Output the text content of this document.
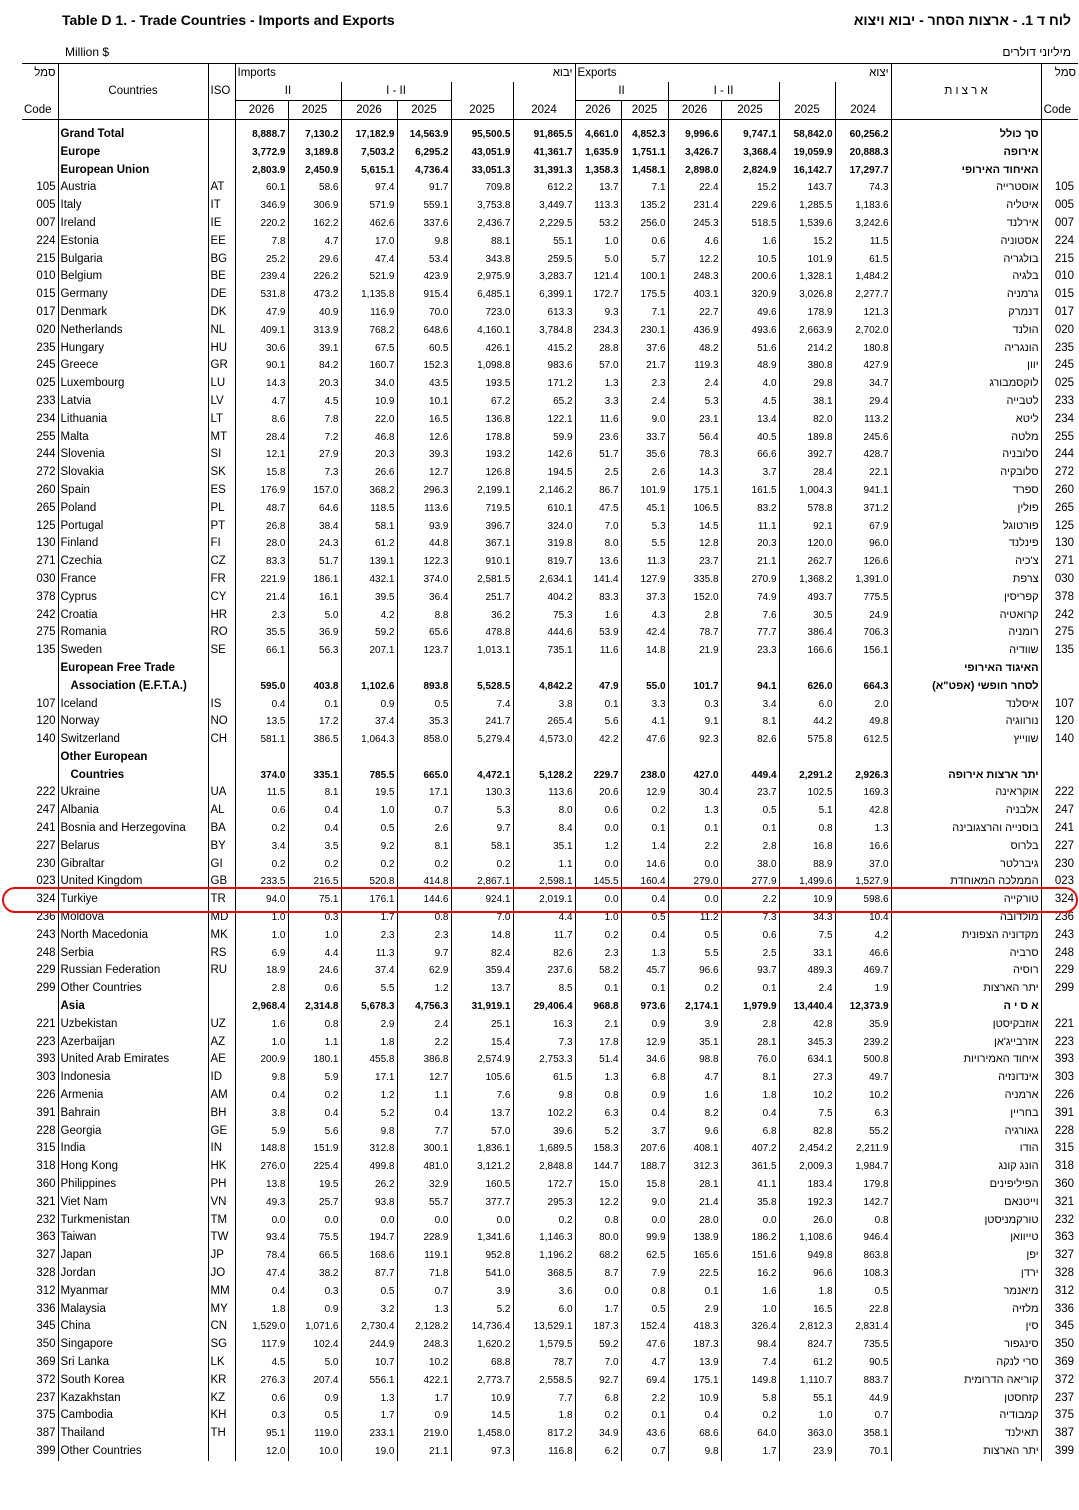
Table D 1. - Trade Countries - Imports and Exports	לוח ד 1. - ארצות הסחר - יבוא ויצוא
Million $	מיליוני דולרים
סמל			Imports		יבוא				Exports		יצוא					סמל
	Countries	ISO	II		I - II				II		I - II				א ר צ ו ת	
Code			2026	2025	2026	2025	2025	2024	2026	2025	2026	2025	2025	2024		Code

	Grand Total		8,888.7	7,130.2	17,182.9	14,563.9	95,500.5	91,865.5	4,661.0	4,852.3	9,996.6	9,747.1	58,842.0	60,256.2	סך כולל	
	Europe		3,772.9	3,189.8	7,503.2	6,295.2	43,051.9	41,361.7	1,635.9	1,751.1	3,426.7	3,368.4	19,059.9	20,888.3	אירופה	
	European Union		2,803.9	2,450.9	5,615.1	4,736.4	33,051.3	31,391.3	1,358.3	1,458.1	2,898.0	2,824.9	16,142.7	17,297.7	האיחוד האירופי	
105	Austria	AT	60.1	58.6	97.4	91.7	709.8	612.2	13.7	7.1	22.4	15.2	143.7	74.3	אוסטרייה	105
005	Italy	IT	346.9	306.9	571.9	559.1	3,753.8	3,449.7	113.3	135.2	231.4	229.6	1,285.5	1,183.6	איטליה	005
007	Ireland	IE	220.2	162.2	462.6	337.6	2,436.7	2,229.5	53.2	256.0	245.3	518.5	1,539.6	3,242.6	אירלנד	007
224	Estonia	EE	7.8	4.7	17.0	9.8	88.1	55.1	1.0	0.6	4.6	1.6	15.2	11.5	אסטוניה	224
215	Bulgaria	BG	25.2	29.6	47.4	53.4	343.8	259.5	5.0	5.7	12.2	10.5	101.9	61.5	בולגריה	215
010	Belgium	BE	239.4	226.2	521.9	423.9	2,975.9	3,283.7	121.4	100.1	248.3	200.6	1,328.1	1,484.2	בלגיה	010
015	Germany	DE	531.8	473.2	1,135.8	915.4	6,485.1	6,399.1	172.7	175.5	403.1	320.9	3,026.8	2,277.7	גרמניה	015
017	Denmark	DK	47.9	40.9	116.9	70.0	723.0	613.3	9.3	7.1	22.7	49.6	178.9	121.3	דנמרק	017
020	Netherlands	NL	409.1	313.9	768.2	648.6	4,160.1	3,784.8	234.3	230.1	436.9	493.6	2,663.9	2,702.0	הולנד	020
235	Hungary	HU	30.6	39.1	67.5	60.5	426.1	415.2	28.8	37.6	48.2	51.6	214.2	180.8	הונגריה	235
245	Greece	GR	90.1	84.2	160.7	152.3	1,098.8	983.6	57.0	21.7	119.3	48.9	380.8	427.9	יוון	245
025	Luxembourg	LU	14.3	20.3	34.0	43.5	193.5	171.2	1.3	2.3	2.4	4.0	29.8	34.7	לוקסמבורג	025
233	Latvia	LV	4.7	4.5	10.9	10.1	67.2	65.2	3.3	2.4	5.3	4.5	38.1	29.4	לטבייה	233
234	Lithuania	LT	8.6	7.8	22.0	16.5	136.8	122.1	11.6	9.0	23.1	13.4	82.0	113.2	ליטא	234
255	Malta	MT	28.4	7.2	46.8	12.6	178.8	59.9	23.6	33.7	56.4	40.5	189.8	245.6	מלטה	255
244	Slovenia	SI	12.1	27.9	20.3	39.3	193.2	142.6	51.7	35.6	78.3	66.6	392.7	428.7	סלובניה	244
272	Slovakia	SK	15.8	7.3	26.6	12.7	126.8	194.5	2.5	2.6	14.3	3.7	28.4	22.1	סלובקיה	272
260	Spain	ES	176.9	157.0	368.2	296.3	2,199.1	2,146.2	86.7	101.9	175.1	161.5	1,004.3	941.1	ספרד	260
265	Poland	PL	48.7	64.6	118.5	113.6	719.5	610.1	47.5	45.1	106.5	83.2	578.8	371.2	פולין	265
125	Portugal	PT	26.8	38.4	58.1	93.9	396.7	324.0	7.0	5.3	14.5	11.1	92.1	67.9	פורטוגל	125
130	Finland	FI	28.0	24.3	61.2	44.8	367.1	319.8	8.0	5.5	12.8	20.3	120.0	96.0	פינלנד	130
271	Czechia	CZ	83.3	51.7	139.1	122.3	910.1	819.7	13.6	11.3	23.7	21.1	262.7	126.6	צ'כיה	271
030	France	FR	221.9	186.1	432.1	374.0	2,581.5	2,634.1	141.4	127.9	335.8	270.9	1,368.2	1,391.0	צרפת	030
378	Cyprus	CY	21.4	16.1	39.5	36.4	251.7	404.2	83.3	37.3	152.0	74.9	493.7	775.5	קפריסין	378
242	Croatia	HR	2.3	5.0	4.2	8.8	36.2	75.3	1.6	4.3	2.8	7.6	30.5	24.9	קרואטיה	242
275	Romania	RO	35.5	36.9	59.2	65.6	478.8	444.6	53.9	42.4	78.7	77.7	386.4	706.3	רומניה	275
135	Sweden	SE	66.1	56.3	207.1	123.7	1,013.1	735.1	11.6	14.8	21.9	23.3	166.6	156.1	שוודיה	135
	European Free Trade														האיגוד האירופי	
	Association (E.F.T.A.)		595.0	403.8	1,102.6	893.8	5,528.5	4,842.2	47.9	55.0	101.7	94.1	626.0	664.3	לסחר חופשי (אפט"א)	
107	Iceland	IS	0.4	0.1	0.9	0.5	7.4	3.8	0.1	3.3	0.3	3.4	6.0	2.0	איסלנד	107
120	Norway	NO	13.5	17.2	37.4	35.3	241.7	265.4	5.6	4.1	9.1	8.1	44.2	49.8	נורווגיה	120
140	Switzerland	CH	581.1	386.5	1,064.3	858.0	5,279.4	4,573.0	42.2	47.6	92.3	82.6	575.8	612.5	שווייץ	140
	Other European															
	Countries		374.0	335.1	785.5	665.0	4,472.1	5,128.2	229.7	238.0	427.0	449.4	2,291.2	2,926.3	יתר ארצות אירופה	
222	Ukraine	UA	11.5	8.1	19.5	17.1	130.3	113.6	20.6	12.9	30.4	23.7	102.5	169.3	אוקראינה	222
247	Albania	AL	0.6	0.4	1.0	0.7	5.3	8.0	0.6	0.2	1.3	0.5	5.1	42.8	אלבניה	247
241	Bosnia and Herzegovina	BA	0.2	0.4	0.5	2.6	9.7	8.4	0.0	0.1	0.1	0.1	0.8	1.3	בוסנייה והרצגובינה	241
227	Belarus	BY	3.4	3.5	9.2	8.1	58.1	35.1	1.2	1.4	2.2	2.8	16.8	16.6	בלרוס	227
230	Gibraltar	GI	0.2	0.2	0.2	0.2	0.2	1.1	0.0	14.6	0.0	38.0	88.9	37.0	גיברלטר	230
023	United Kingdom	GB	233.5	216.5	520.8	414.8	2,867.1	2,598.1	145.5	160.4	279.0	277.9	1,499.6	1,527.9	הממלכה המאוחדת	023
324	Turkiye	TR	94.0	75.1	176.1	144.6	924.1	2,019.1	0.0	0.4	0.0	2.2	10.9	598.6	טורקייה	324
236	Moldova	MD	1.0	0.3	1.7	0.8	7.0	4.4	1.0	0.5	11.2	7.3	34.3	10.4	מולדובה	236
243	North Macedonia	MK	1.0	1.0	2.3	2.3	14.8	11.7	0.2	0.4	0.5	0.6	7.5	4.2	מקדוניה הצפונית	243
248	Serbia	RS	6.9	4.4	11.3	9.7	82.4	82.6	2.3	1.3	5.5	2.5	33.1	46.6	סרביה	248
229	Russian Federation	RU	18.9	24.6	37.4	62.9	359.4	237.6	58.2	45.7	96.6	93.7	489.3	469.7	רוסיה	229
299	Other Countries		2.8	0.6	5.5	1.2	13.7	8.5	0.1	0.1	0.2	0.1	2.4	1.9	יתר הארצות	299
	Asia		2,968.4	2,314.8	5,678.3	4,756.3	31,919.1	29,406.4	968.8	973.6	2,174.1	1,979.9	13,440.4	12,373.9	א ס י ה	
221	Uzbekistan	UZ	1.6	0.8	2.9	2.4	25.1	16.3	2.1	0.9	3.9	2.8	42.8	35.9	אוזבקיסטן	221
223	Azerbaijan	AZ	1.0	1.1	1.8	2.2	15.4	7.3	17.8	12.9	35.1	28.1	345.3	239.2	אזרבייג'אן	223
393	United Arab Emirates	AE	200.9	180.1	455.8	386.8	2,574.9	2,753.3	51.4	34.6	98.8	76.0	634.1	500.8	איחוד האמירויות	393
303	Indonesia	ID	9.8	5.9	17.1	12.7	105.6	61.5	1.3	6.8	4.7	8.1	27.3	49.7	אינדונזיה	303
226	Armenia	AM	0.4	0.2	1.2	1.1	7.6	9.8	0.8	0.9	1.6	1.8	10.2	10.2	ארמניה	226
391	Bahrain	BH	3.8	0.4	5.2	0.4	13.7	102.2	6.3	0.4	8.2	0.4	7.5	6.3	בחריין	391
228	Georgia	GE	5.9	5.6	9.8	7.7	57.0	39.6	5.2	3.7	9.6	6.8	82.8	55.2	גאורגיה	228
315	India	IN	148.8	151.9	312.8	300.1	1,836.1	1,689.5	158.3	207.6	408.1	407.2	2,454.2	2,211.9	הודו	315
318	Hong Kong	HK	276.0	225.4	499.8	481.0	3,121.2	2,848.8	144.7	188.7	312.3	361.5	2,009.3	1,984.7	הונג קונג	318
360	Philippines	PH	13.8	19.5	26.2	32.9	160.5	172.7	15.0	15.8	28.1	41.1	183.4	179.8	הפיליפינים	360
321	Viet Nam	VN	49.3	25.7	93.8	55.7	377.7	295.3	12.2	9.0	21.4	35.8	192.3	142.7	וייטנאם	321
232	Turkmenistan	TM	0.0	0.0	0.0	0.0	0.0	0.2	0.8	0.0	28.0	0.0	26.0	0.8	טורקמניסטן	232
363	Taiwan	TW	93.4	75.5	194.7	228.9	1,341.6	1,146.3	80.0	99.9	138.9	186.2	1,108.6	946.4	טייוואן	363
327	Japan	JP	78.4	66.5	168.6	119.1	952.8	1,196.2	68.2	62.5	165.6	151.6	949.8	863.8	יפן	327
328	Jordan	JO	47.4	38.2	87.7	71.8	541.0	368.5	8.7	7.9	22.5	16.2	96.6	108.3	ירדן	328
312	Myanmar	MM	0.4	0.3	0.5	0.7	3.9	3.6	0.0	0.8	0.1	1.6	1.8	0.5	מיאנמר	312
336	Malaysia	MY	1.8	0.9	3.2	1.3	5.2	6.0	1.7	0.5	2.9	1.0	16.5	22.8	מלזיה	336
345	China	CN	1,529.0	1,071.6	2,730.4	2,128.2	14,736.4	13,529.1	187.3	152.4	418.3	326.4	2,812.3	2,831.4	סין	345
350	Singapore	SG	117.9	102.4	244.9	248.3	1,620.2	1,579.5	59.2	47.6	187.3	98.4	824.7	735.5	סינגפור	350
369	Sri Lanka	LK	4.5	5.0	10.7	10.2	68.8	78.7	7.0	4.7	13.9	7.4	61.2	90.5	סרי לנקה	369
372	South Korea	KR	276.3	207.4	556.1	422.1	2,773.7	2,558.5	92.7	69.4	175.1	149.8	1,110.7	883.7	קוריאה הדרומית	372
237	Kazakhstan	KZ	0.6	0.9	1.3	1.7	10.9	7.7	6.8	2.2	10.9	5.8	55.1	44.9	קזחסטן	237
375	Cambodia	KH	0.3	0.5	1.7	0.9	14.5	1.8	0.2	0.1	0.4	0.2	1.0	0.7	קמבודיה	375
387	Thailand	TH	95.1	119.0	233.1	219.0	1,458.0	817.2	34.9	43.6	68.6	64.0	363.0	358.1	תאילנד	387
399	Other Countries		12.0	10.0	19.0	21.1	97.3	116.8	6.2	0.7	9.8	1.7	23.9	70.1	יתר הארצות	399
